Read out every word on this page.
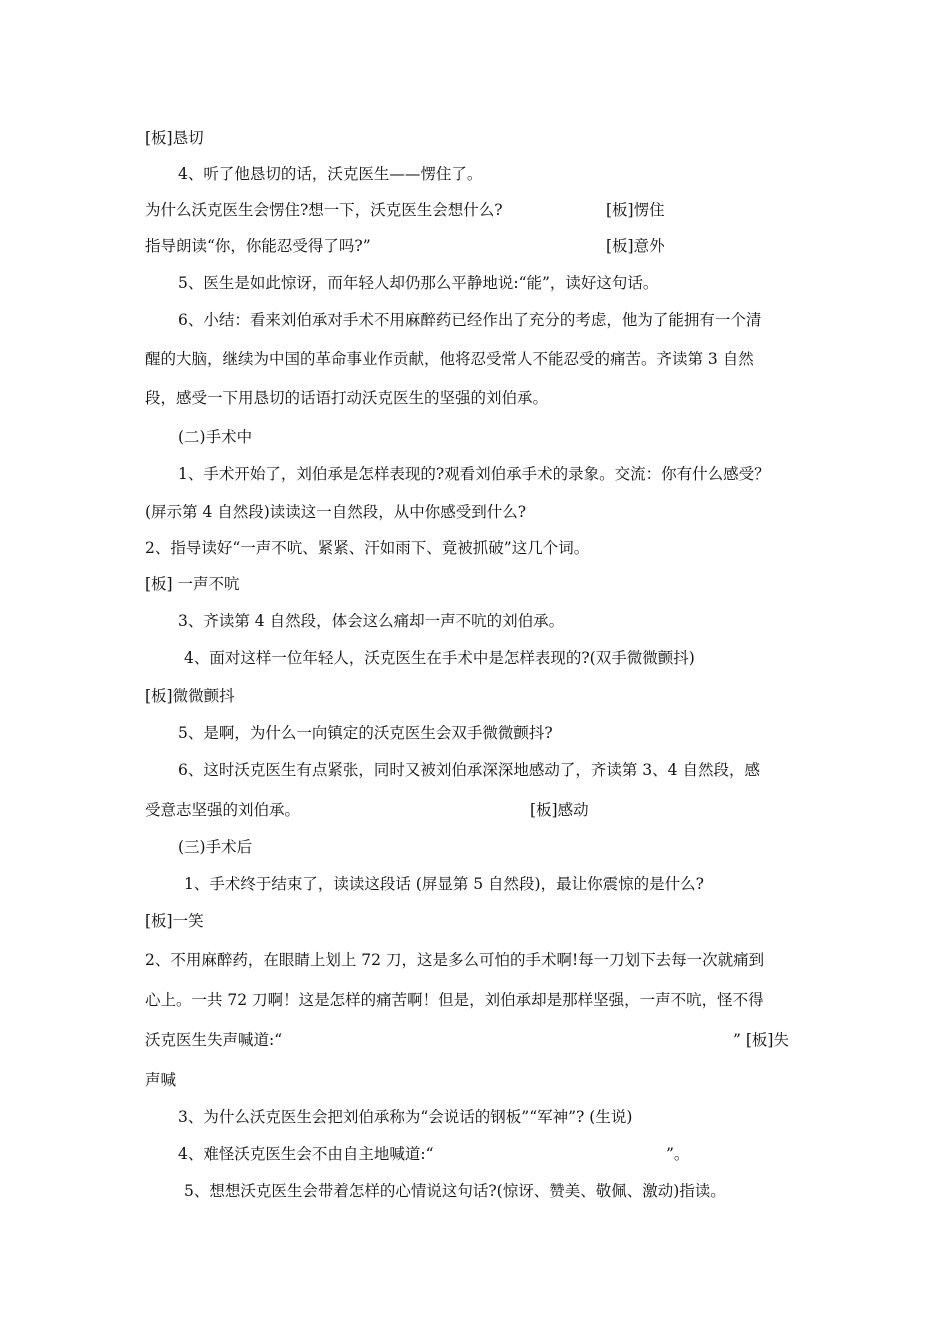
[板]恳切
4、听了他恳切的话，沃克医生——愣住了。
为什么沃克医生会愣住?想一下，沃克医生会想什么?	[板]愣住
指导朗读“你，你能忍受得了吗?”	[板]意外
5、医生是如此惊讶，而年轻人却仍那么平静地说:“能”，读好这句话。
6、小结：看来刘伯承对手术不用麻醉药已经作出了充分的考虑，他为了能拥有一个清
醒的大脑，继续为中国的革命事业作贡献，他将忍受常人不能忍受的痛苦。齐读第 3 自然
段，感受一下用恳切的话语打动沃克医生的坚强的刘伯承。
(二)手术中
1、手术开始了，刘伯承是怎样表现的?观看刘伯承手术的录象。交流：你有什么感受？
(屏示第 4 自然段)读读这一自然段，从中你感受到什么?
2、指导读好“一声不吭、紧紧、汗如雨下、竟被抓破”这几个词。
[板] 一声不吭
3、齐读第 4 自然段，体会这么痛却一声不吭的刘伯承。
4、面对这样一位年轻人，沃克医生在手术中是怎样表现的?(双手微微颤抖)
[板]微微颤抖
5、是啊，为什么一向镇定的沃克医生会双手微微颤抖?
6、这时沃克医生有点紧张，同时又被刘伯承深深地感动了，齐读第 3、4 自然段，感
受意志坚强的刘伯承。	[板]感动
(三)手术后
1、手术终于结束了，读读这段话 (屏显第 5 自然段)，最让你震惊的是什么?
[板]一笑
2、不用麻醉药，在眼睛上划上 72 刀，这是多么可怕的手术啊!每一刀划下去每一次就痛到
心上。一共 72 刀啊！这是怎样的痛苦啊！但是，刘伯承却是那样坚强，一声不吭，怪不得
沃克医生失声喊道:“	” [板]失
声喊
3、为什么沃克医生会把刘伯承称为“会说话的钢板”“军神”? (生说)
4、难怪沃克医生会不由自主地喊道:“	”。
5、想想沃克医生会带着怎样的心情说这句话?(惊讶、赞美、敬佩、激动)指读。
